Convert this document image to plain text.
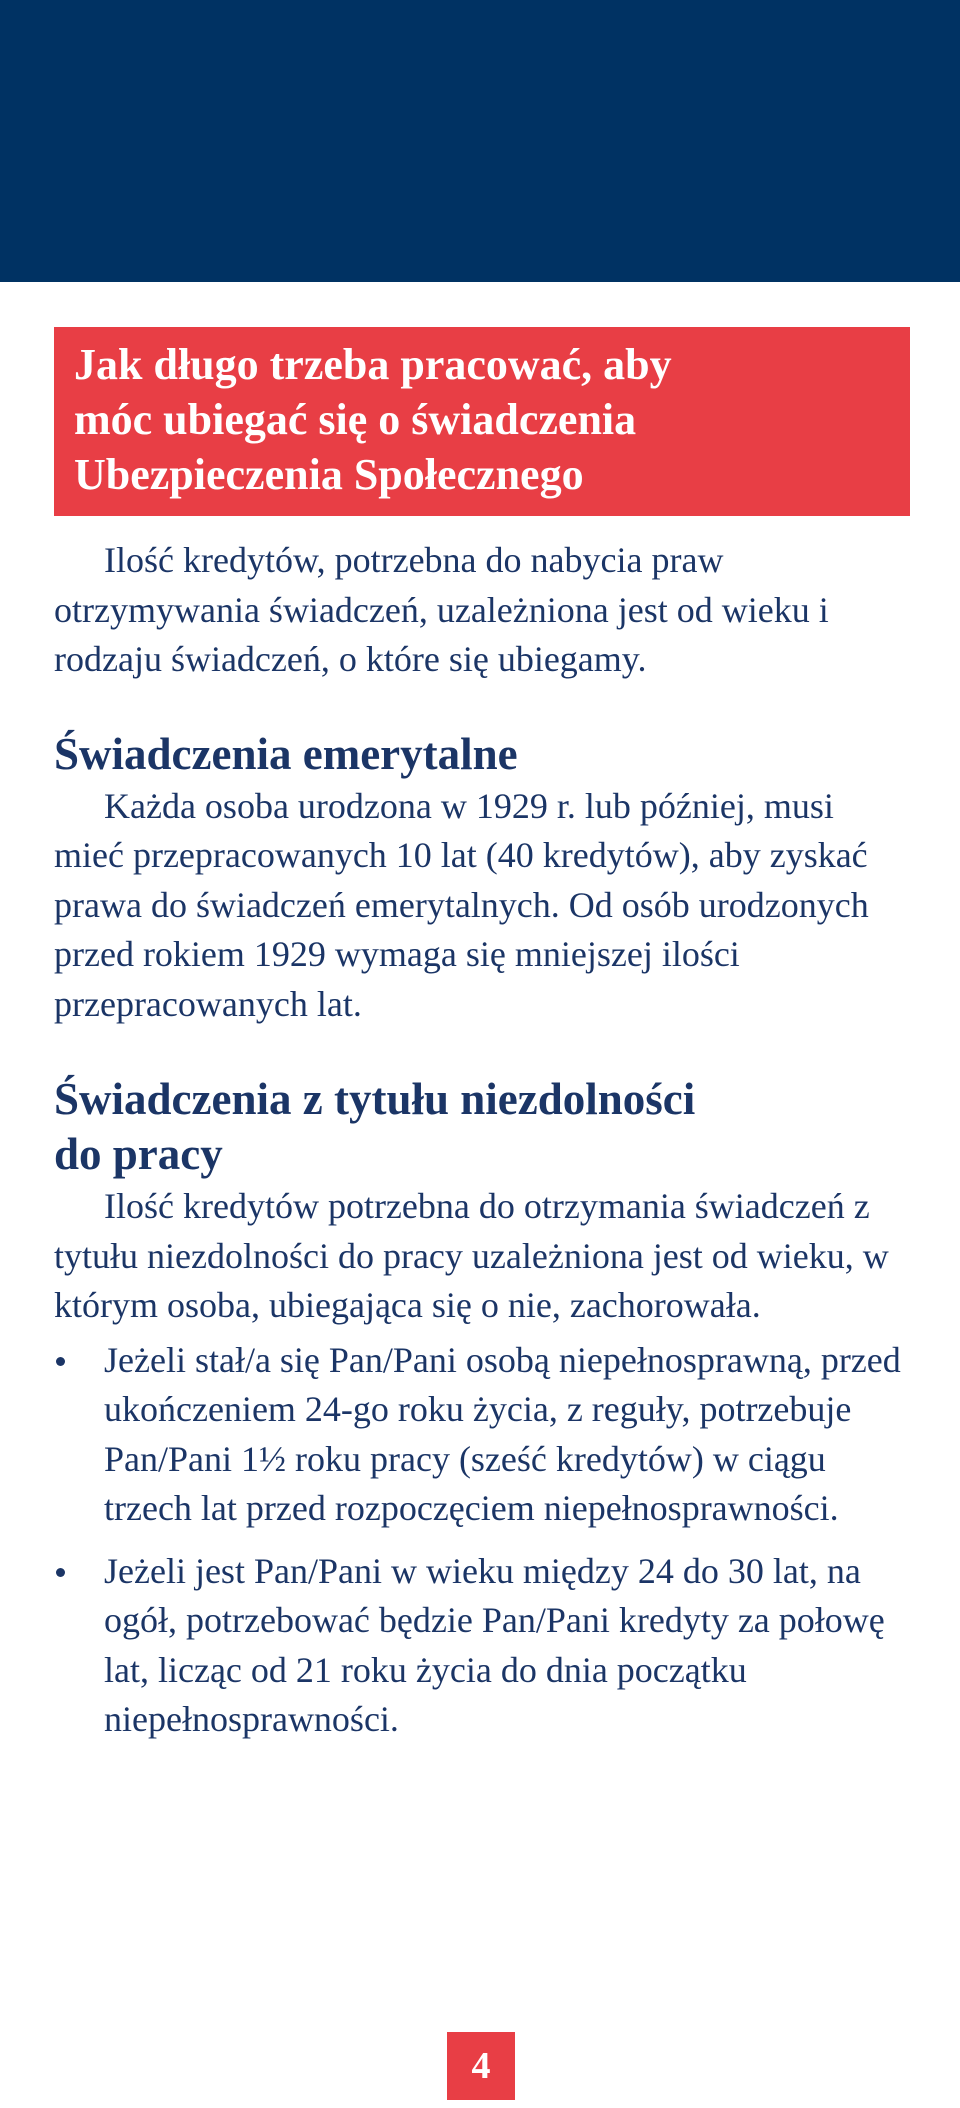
Jak długo trzeba pracować, aby
móc ubiegać się o świadczenia
Ubezpieczenia Społecznego

Ilość kredytów, potrzebna do nabycia praw otrzymywania świadczeń, uzależniona jest od wieku i rodzaju świadczeń, o które się ubiegamy.

Świadczenia emerytalne

Każda osoba urodzona w 1929 r. lub później, musi mieć przepracowanych 10 lat (40 kredytów), aby zyskać prawa do świadczeń emerytalnych. Od osób urodzonych przed rokiem 1929 wymaga się mniejszej ilości przepracowanych lat.

Świadczenia z tytułu niezdolności
do pracy

Ilość kredytów potrzebna do otrzymania świadczeń z tytułu niezdolności do pracy uzależniona jest od wieku, w którym osoba, ubiegająca się o nie, zachorowała.

Jeżeli stał/a się Pan/Pani osobą niepełnosprawną, przed ukończeniem 24-go roku życia, z reguły, potrzebuje Pan/Pani 1½ roku pracy (sześć kredytów) w ciągu trzech lat przed rozpoczęciem niepełnosprawności.
Jeżeli jest Pan/Pani w wieku między 24 do 30 lat, na ogół, potrzebować będzie Pan/Pani kredyty za połowę lat, licząc od 21 roku życia do dnia początku niepełnosprawności.
4
